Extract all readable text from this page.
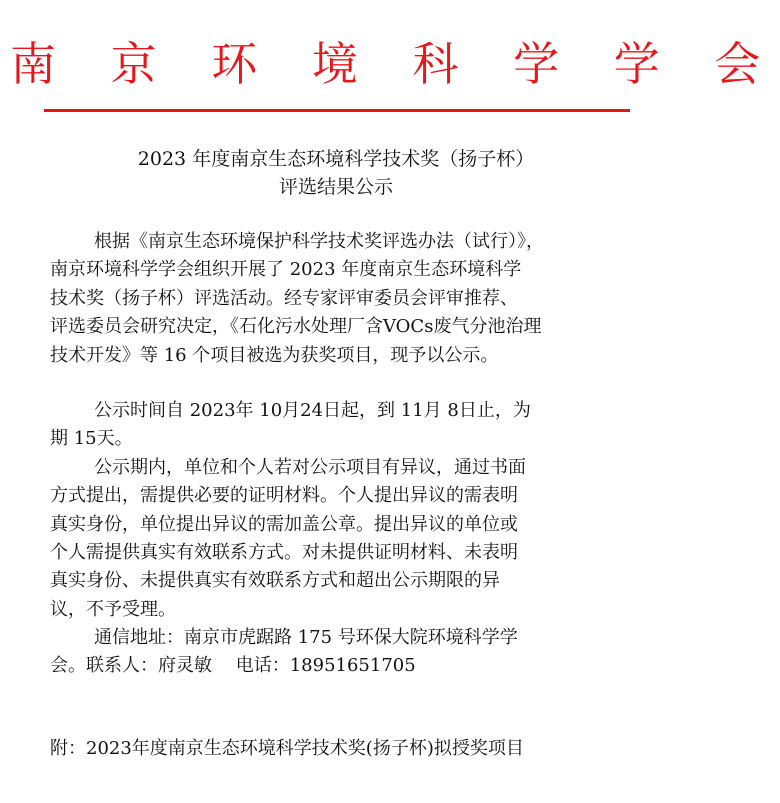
南 京 环 境 科 学 学 会
2023 年度南京生态环境科学技术奖（扬子杯）
评选结果公示
根据《南京生态环境保护科学技术奖评选办法（试行）》，
南京环境科学学会组织开展了 2023 年度南京生态环境科学
技术奖（扬子杯）评选活动。经专家评审委员会评审推荐、
评选委员会研究决定，《石化污水处理厂含VOCs废气分池治理
技术开发》等 16 个项目被选为获奖项目，现予以公示。
公示时间自 2023年 10月24日起，到 11月 8日止，为
期 15天。
公示期内，单位和个人若对公示项目有异议，通过书面
方式提出，需提供必要的证明材料。个人提出异议的需表明
真实身份，单位提出异议的需加盖公章。提出异议的单位或
个人需提供真实有效联系方式。对未提供证明材料、未表明
真实身份、未提供真实有效联系方式和超出公示期限的异
议，不予受理。
通信地址：南京市虎踞路 175 号环保大院环境科学学
会。联系人：府灵敏　 电话：18951651705
附：2023年度南京生态环境科学技术奖(扬子杯)拟授奖项目
